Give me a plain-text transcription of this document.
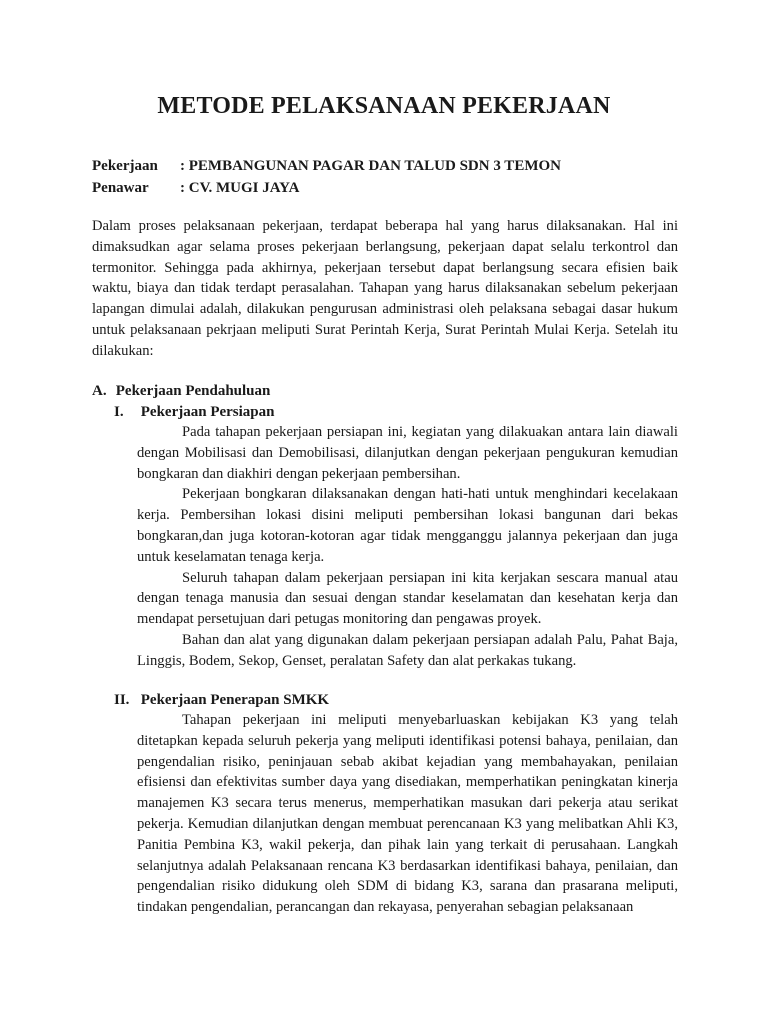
METODE PELAKSANAAN PEKERJAAN
Pekerjaan	: PEMBANGUNAN PAGAR DAN TALUD SDN 3 TEMON
Penawar	: CV. MUGI JAYA
Dalam proses pelaksanaan pekerjaan, terdapat beberapa hal yang harus dilaksanakan. Hal ini dimaksudkan agar selama proses pekerjaan berlangsung, pekerjaan dapat selalu terkontrol dan termonitor. Sehingga pada akhirnya, pekerjaan tersebut dapat berlangsung secara efisien baik waktu, biaya dan tidak terdapt perasalahan. Tahapan yang harus dilaksanakan sebelum pekerjaan lapangan dimulai adalah, dilakukan pengurusan administrasi oleh pelaksana sebagai dasar hukum untuk pelaksanaan pekrjaan meliputi Surat Perintah Kerja, Surat Perintah Mulai Kerja. Setelah itu dilakukan:
A. Pekerjaan Pendahuluan
I. Pekerjaan Persiapan

Pada tahapan pekerjaan persiapan ini, kegiatan yang dilakuakan antara lain diawali dengan Mobilisasi dan Demobilisasi, dilanjutkan dengan pekerjaan pengukuran kemudian bongkaran dan diakhiri dengan pekerjaan pembersihan.

Pekerjaan bongkaran dilaksanakan dengan hati-hati untuk menghindari kecelakaan kerja. Pembersihan lokasi disini meliputi pembersihan lokasi bangunan dari bekas bongkaran,dan juga kotoran-kotoran agar tidak mengganggu jalannya pekerjaan dan juga untuk keselamatan tenaga kerja.

Seluruh tahapan dalam pekerjaan persiapan ini kita kerjakan sescara manual atau dengan tenaga manusia dan sesuai dengan standar keselamatan dan kesehatan kerja dan mendapat persetujuan dari petugas monitoring dan pengawas proyek.

Bahan dan alat yang digunakan dalam pekerjaan persiapan adalah Palu, Pahat Baja, Linggis, Bodem, Sekop, Genset, peralatan Safety dan alat perkakas tukang.

II. Pekerjaan Penerapan SMKK

Tahapan pekerjaan ini meliputi menyebarluaskan kebijakan K3 yang telah ditetapkan kepada seluruh pekerja yang meliputi identifikasi potensi bahaya, penilaian, dan pengendalian risiko, peninjauan sebab akibat kejadian yang membahayakan, penilaian efisiensi dan efektivitas sumber daya yang disediakan, memperhatikan peningkatan kinerja manajemen K3 secara terus menerus, memperhatikan masukan dari pekerja atau serikat pekerja. Kemudian dilanjutkan dengan membuat perencanaan K3 yang melibatkan Ahli K3, Panitia Pembina K3, wakil pekerja, dan pihak lain yang terkait di perusahaan. Langkah selanjutnya adalah Pelaksanaan rencana K3 berdasarkan identifikasi bahaya, penilaian, dan pengendalian risiko didukung oleh SDM di bidang K3, sarana dan prasarana meliputi, tindakan pengendalian, perancangan dan rekayasa, penyerahan sebagian pelaksanaan
